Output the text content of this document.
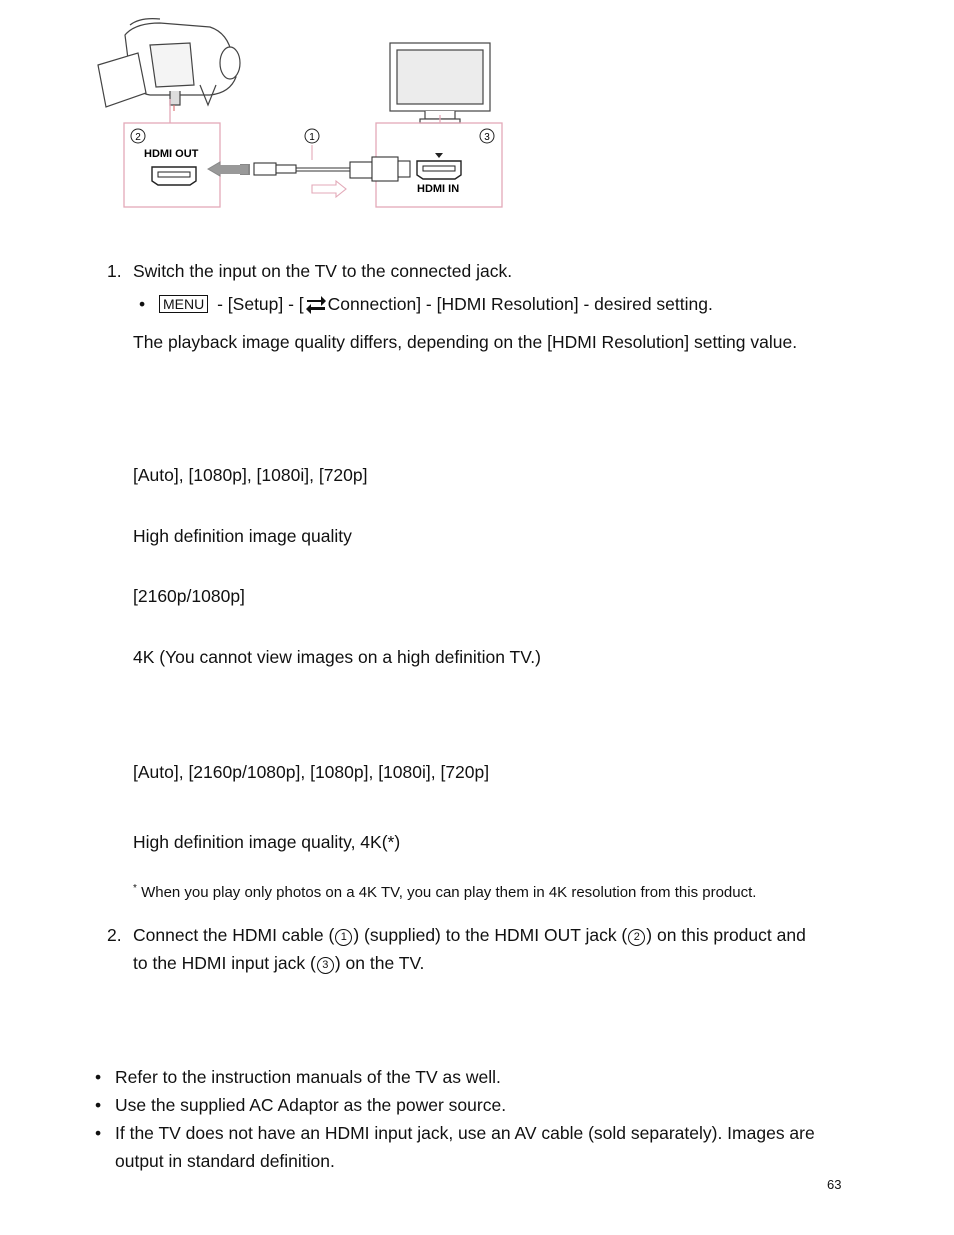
2	1	3
HDMI OUT
HDMI IN
1. Switch the input on the TV to the connected jack.
• MENU - [Setup] - [ Connection] - [HDMI Resolution] - desired setting.
The playback image quality differs, depending on the [HDMI Resolution] setting value.
[Auto], [1080p], [1080i], [720p]
High definition image quality
[2160p/1080p]
4K (You cannot view images on a high definition TV.)
[Auto], [2160p/1080p], [1080p], [1080i], [720p]
High definition image quality, 4K(*)
* When you play only photos on a 4K TV, you can play them in 4K resolution from this product.
2. Connect the HDMI cable ( 1 ) (supplied) to the HDMI OUT jack ( 2 ) on this product and
to the HDMI input jack ( 3 ) on the TV.
• Refer to the instruction manuals of the TV as well.
• Use the supplied AC Adaptor as the power source.
• If the TV does not have an HDMI input jack, use an AV cable (sold separately). Images are
output in standard definition.
63
